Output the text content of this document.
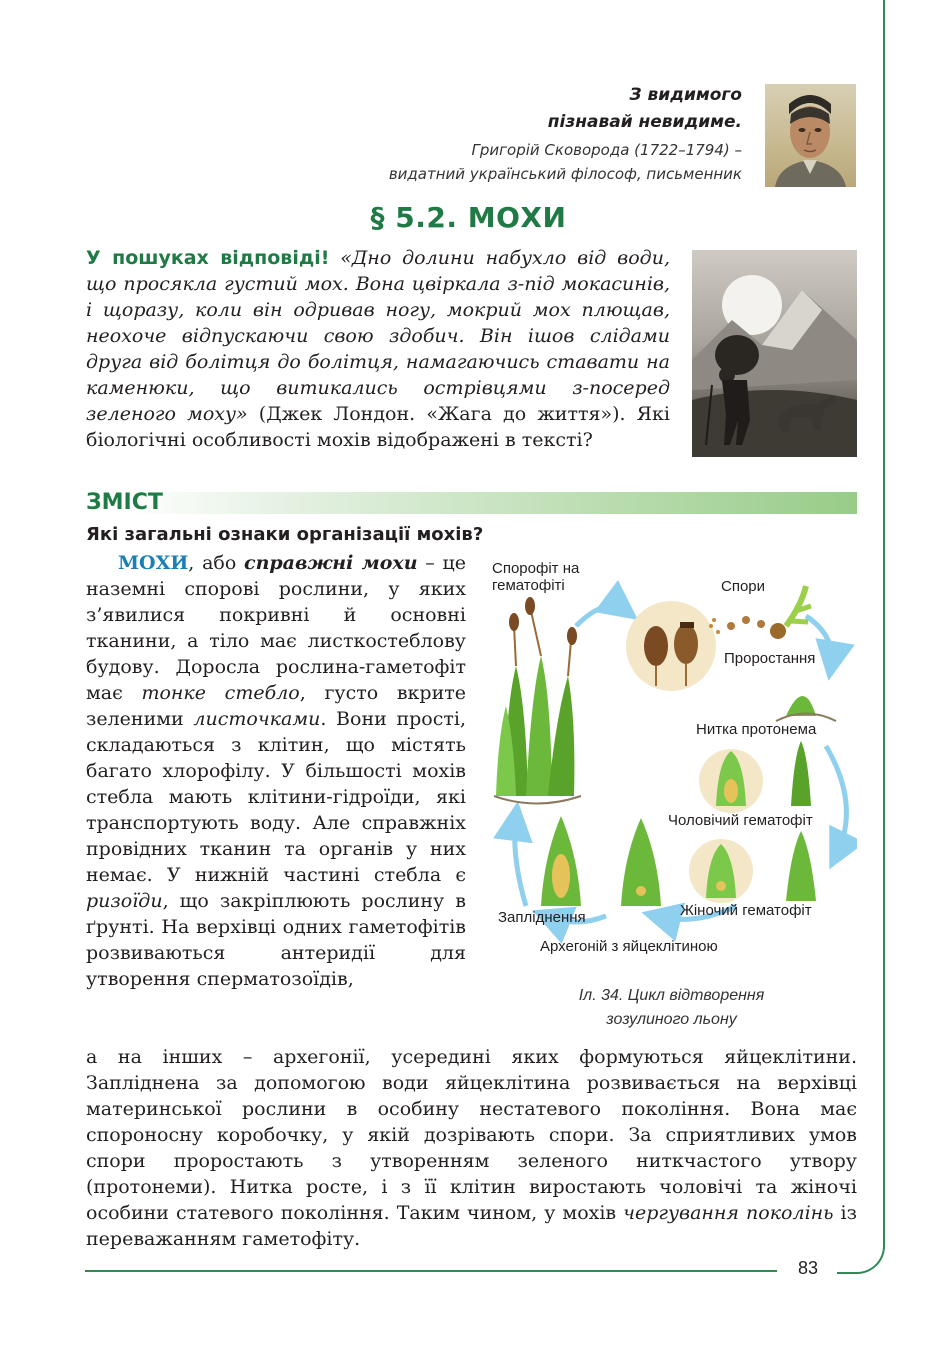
83
З видимого
пізнавай невидиме.
Григорій Сковорода (1722–1794) –
видатний український філософ, письменник
§ 5.2. МОХИ
У пошуках відповіді! «Дно долини набухло від води, що просякла густий мох. Вона цвіркала з-під мокасинів, і щоразу, коли він одривав ногу, мокрий мох плющав, неохоче відпускаючи свою здобич. Він ішов слідами друга від болітця до болітця, намагаючись ставати на каменюки, що витикались острівцями з-посеред зеленого моху» (Джек Лондон. «Жага до життя»). Які біологічні особливості мохів відображені в тексті?
ЗМІСТ
Які загальні ознаки організації мохів?
МОХИ, або справжні мохи – це наземні спорові рослини, у яких з’явилися покривні й основні тканини, а тіло має листкостеблову будову. Доросла рослина-гаметофіт має тонке стебло, густо вкрите зеленими листочками. Вони прості, складаються з клітин, що містять багато хлорофілу. У більшості мохів стебла мають клітини-гідроїди, які транспортують воду. Але справжніх провідних тканин та органів у них немає. У нижній частині стебла є ризоїди, що закріплюють рослину в ґрунті. На верхівці одних гаметофітів розвиваються антеридії для утворення сперматозоїдів,
а на інших – архегонії, усередині яких формуються яйцеклітини. Запліднена за допомогою води яйцеклітина розвивається на верхівці материнської рослини в особину нестатевого покоління. Вона має спороносну коробочку, у якій дозрівають спори. За сприятливих умов спори проростають з утворенням зеленого ниткчастого утвору (протонеми). Нитка росте, і з її клітин виростають чоловічі та жіночі особини статевого покоління. Таким чином, у мохів чергування поколінь із переважанням гаметофіту.
Спорофіт на
гематофіті	Спори
Проростання
Нитка протонема
Чоловічий гематофіт
Жіночий гематофіт
Запліднення
Архегоній з яйцеклітиною
Іл. 34. Цикл відтворення
зозулиного льону
